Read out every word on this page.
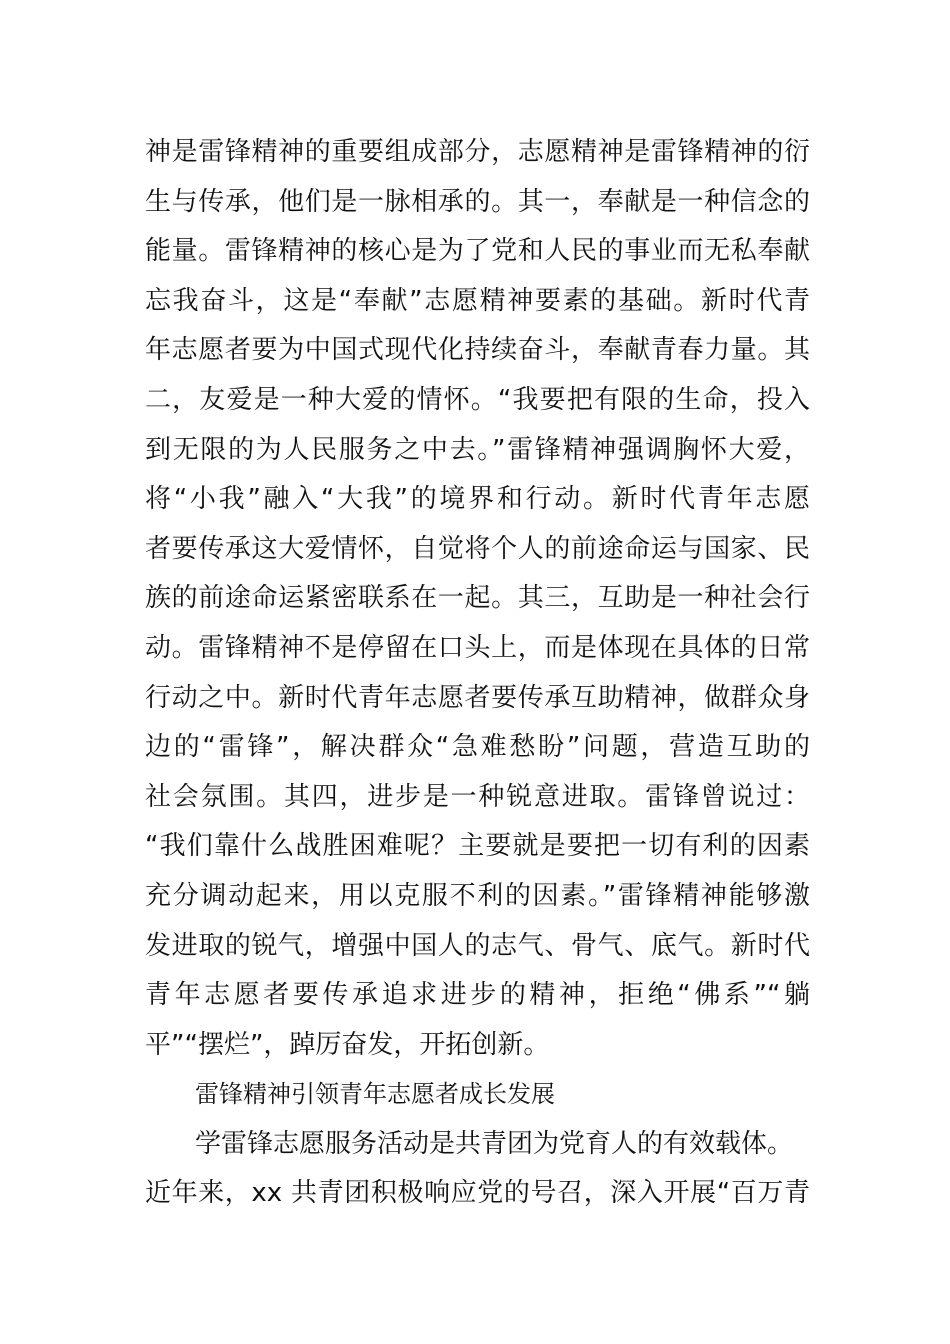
神是雷锋精神的重要组成部分，志愿精神是雷锋精神的衍
生与传承，他们是一脉相承的。其一，奉献是一种信念的
能量。雷锋精神的核心是为了党和人民的事业而无私奉献
忘我奋斗，这是“奉献”志愿精神要素的基础。新时代青
年志愿者要为中国式现代化持续奋斗，奉献青春力量。其
二，友爱是一种大爱的情怀。“我要把有限的生命，投入
到无限的为人民服务之中去。”雷锋精神强调胸怀大爱，
将“小我”融入“大我”的境界和行动。新时代青年志愿
者要传承这大爱情怀，自觉将个人的前途命运与国家、民
族的前途命运紧密联系在一起。其三，互助是一种社会行
动。雷锋精神不是停留在口头上，而是体现在具体的日常
行动之中。新时代青年志愿者要传承互助精神，做群众身
边的“雷锋”，解决群众“急难愁盼”问题，营造互助的
社会氛围。其四，进步是一种锐意进取。雷锋曾说过：
“我们靠什么战胜困难呢？主要就是要把一切有利的因素
充分调动起来，用以克服不利的因素。”雷锋精神能够激
发进取的锐气，增强中国人的志气、骨气、底气。新时代
青年志愿者要传承追求进步的精神，拒绝“佛系”“躺
平”“摆烂”，踔厉奋发，开拓创新。
雷锋精神引领青年志愿者成长发展
学雷锋志愿服务活动是共青团为党育人的有效载体。
近年来，xx 共青团积极响应党的号召，深入开展“百万青
